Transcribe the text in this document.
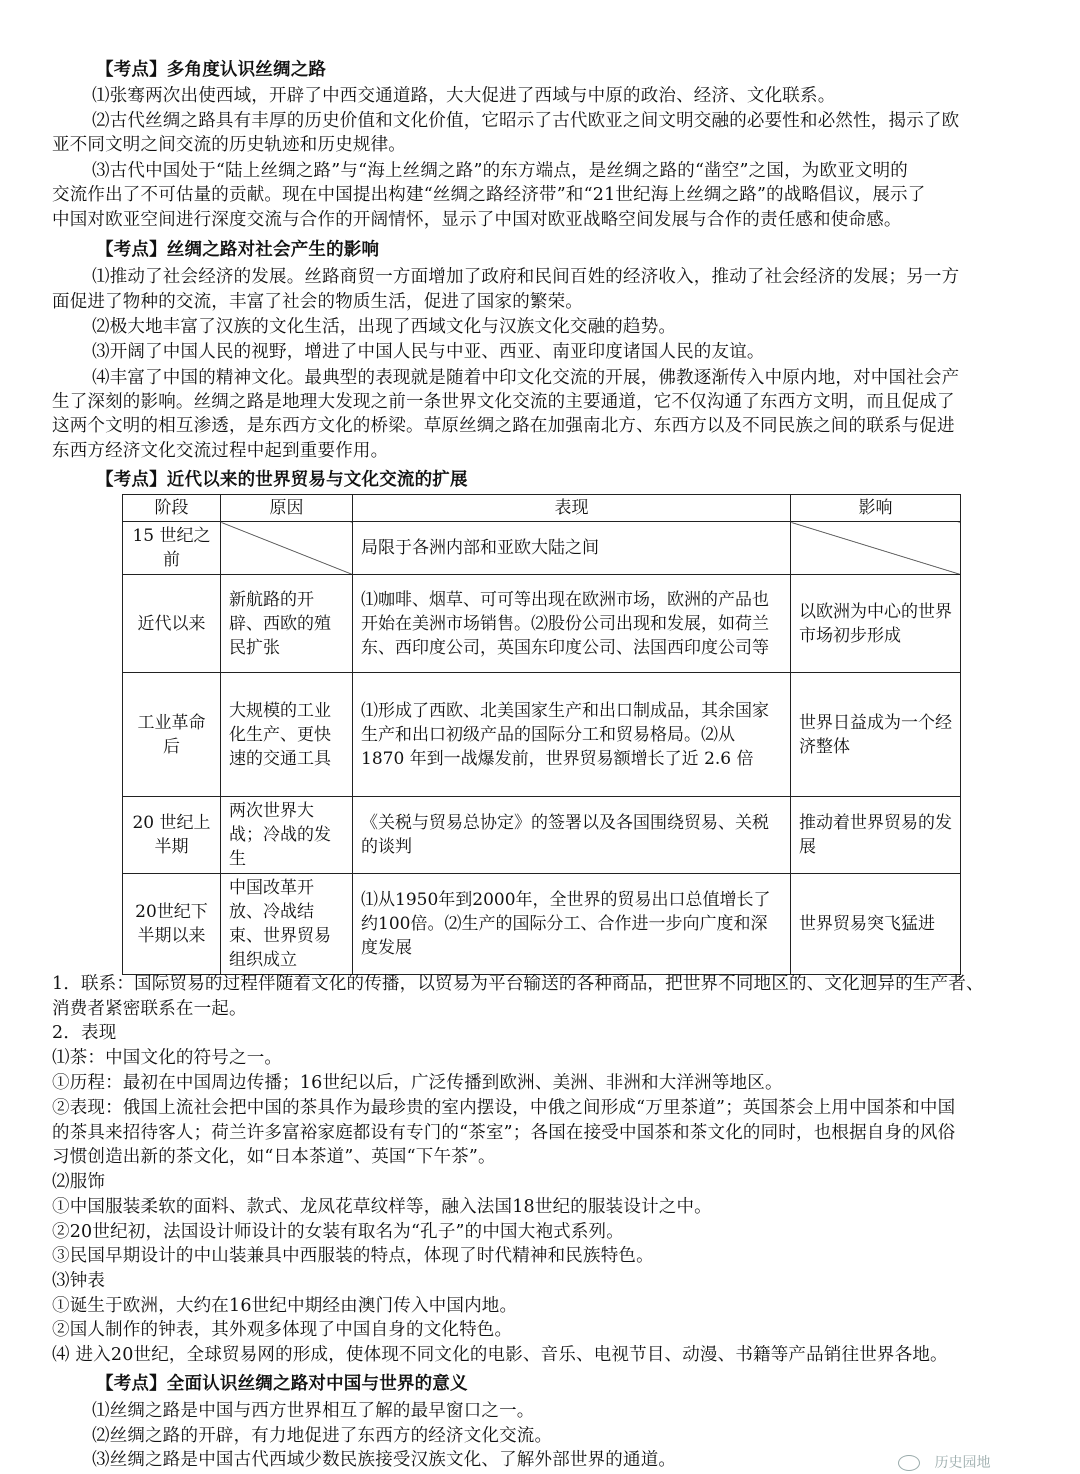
【考点】多角度认识丝绸之路
⑴张骞两次出使西域，开辟了中西交通道路，大大促进了西域与中原的政治、经济、文化联系。
⑵古代丝绸之路具有丰厚的历史价值和文化价值，它昭示了古代欧亚之间文明交融的必要性和必然性，揭示了欧
亚不同文明之间交流的历史轨迹和历史规律。
⑶古代中国处于“陆上丝绸之路”与“海上丝绸之路”的东方端点，是丝绸之路的“凿空”之国，为欧亚文明的
交流作出了不可估量的贡献。现在中国提出构建“丝绸之路经济带”和“21世纪海上丝绸之路”的战略倡议，展示了
中国对欧亚空间进行深度交流与合作的开阔情怀，显示了中国对欧亚战略空间发展与合作的责任感和使命感。
【考点】丝绸之路对社会产生的影响
⑴推动了社会经济的发展。丝路商贸一方面增加了政府和民间百姓的经济收入，推动了社会经济的发展；另一方
面促进了物种的交流，丰富了社会的物质生活，促进了国家的繁荣。
⑵极大地丰富了汉族的文化生活，出现了西域文化与汉族文化交融的趋势。
⑶开阔了中国人民的视野，增进了中国人民与中亚、西亚、南亚印度诸国人民的友谊。
⑷丰富了中国的精神文化。最典型的表现就是随着中印文化交流的开展，佛教逐渐传入中原内地，对中国社会产
生了深刻的影响。丝绸之路是地理大发现之前一条世界文化交流的主要通道，它不仅沟通了东西方文明，而且促成了
这两个文明的相互渗透，是东西方文化的桥梁。草原丝绸之路在加强南北方、东西方以及不同民族之间的联系与促进
东西方经济文化交流过程中起到重要作用。
【考点】近代以来的世界贸易与文化交流的扩展
阶段	原因	表现	影响
15 世纪之前		局限于各洲内部和亚欧大陆之间	
近代以来	新航路的开辟、西欧的殖民扩张	⑴咖啡、烟草、可可等出现在欧洲市场，欧洲的产品也开始在美洲市场销售。⑵股份公司出现和发展，如荷兰东、西印度公司，英国东印度公司、法国西印度公司等	以欧洲为中心的世界市场初步形成
工业革命后	大规模的工业化生产、更快速的交通工具	⑴形成了西欧、北美国家生产和出口制成品，其余国家生产和出口初级产品的国际分工和贸易格局。⑵从 1870 年到一战爆发前，世界贸易额增长了近 2.6 倍	世界日益成为一个经济整体
20 世纪上半期	两次世界大战；冷战的发生	《关税与贸易总协定》的签署以及各国围绕贸易、关税的谈判	推动着世界贸易的发展
20世纪下半期以来	中国改革开放、冷战结束、世界贸易组织成立	⑴从1950年到2000年，全世界的贸易出口总值增长了约100倍。⑵生产的国际分工、合作进一步向广度和深度发展	世界贸易突飞猛进
1．联系：国际贸易的过程伴随着文化的传播，以贸易为平台输送的各种商品，把世界不同地区的、文化迥异的生产者、
消费者紧密联系在一起。
2．表现
⑴茶：中国文化的符号之一。
①历程：最初在中国周边传播；16世纪以后，广泛传播到欧洲、美洲、非洲和大洋洲等地区。
②表现：俄国上流社会把中国的茶具作为最珍贵的室内摆设，中俄之间形成“万里茶道”；英国茶会上用中国茶和中国
的茶具来招待客人；荷兰许多富裕家庭都设有专门的“茶室”；各国在接受中国茶和茶文化的同时，也根据自身的风俗
习惯创造出新的茶文化，如“日本茶道”、英国“下午茶”。
⑵服饰
①中国服装柔软的面料、款式、龙凤花草纹样等，融入法国18世纪的服装设计之中。
②20世纪初，法国设计师设计的女装有取名为“孔子”的中国大袍式系列。
③民国早期设计的中山装兼具中西服装的特点，体现了时代精神和民族特色。
⑶钟表
①诞生于欧洲，大约在16世纪中期经由澳门传入中国内地。
②国人制作的钟表，其外观多体现了中国自身的文化特色。
⑷ 进入20世纪，全球贸易网的形成，使体现不同文化的电影、音乐、电视节目、动漫、书籍等产品销往世界各地。
【考点】全面认识丝绸之路对中国与世界的意义
⑴丝绸之路是中国与西方世界相互了解的最早窗口之一。
⑵丝绸之路的开辟，有力地促进了东西方的经济文化交流。
⑶丝绸之路是中国古代西域少数民族接受汉族文化、了解外部世界的通道。	历史园地
